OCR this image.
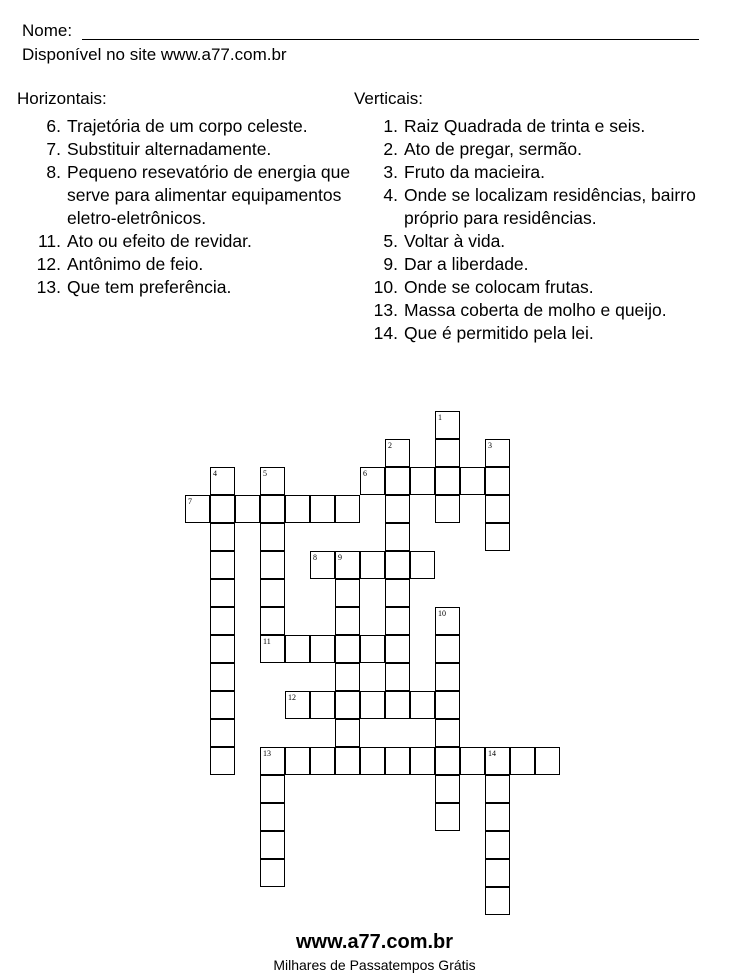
Nome:
Disponível no site www.a77.com.br
Horizontais:
6. Trajetória de um corpo celeste.
7. Substituir alternadamente.
8. Pequeno resevatório de energia que serve para alimentar equipamentos eletro-eletrônicos.
11. Ato ou efeito de revidar.
12. Antônimo de feio.
13. Que tem preferência.
Verticais:
1. Raiz Quadrada de trinta e seis.
2. Ato de pregar, sermão.
3. Fruto da macieira.
4. Onde se localizam residências, bairro próprio para residências.
5. Voltar à vida.
9. Dar a liberdade.
10. Onde se colocam frutas.
13. Massa coberta de molho e queijo.
14. Que é permitido pela lei.
1
2	3
4	5
11
6
7
8	9
10
12
13	14
www.a77.com.br
Milhares de Passatempos Grátis
